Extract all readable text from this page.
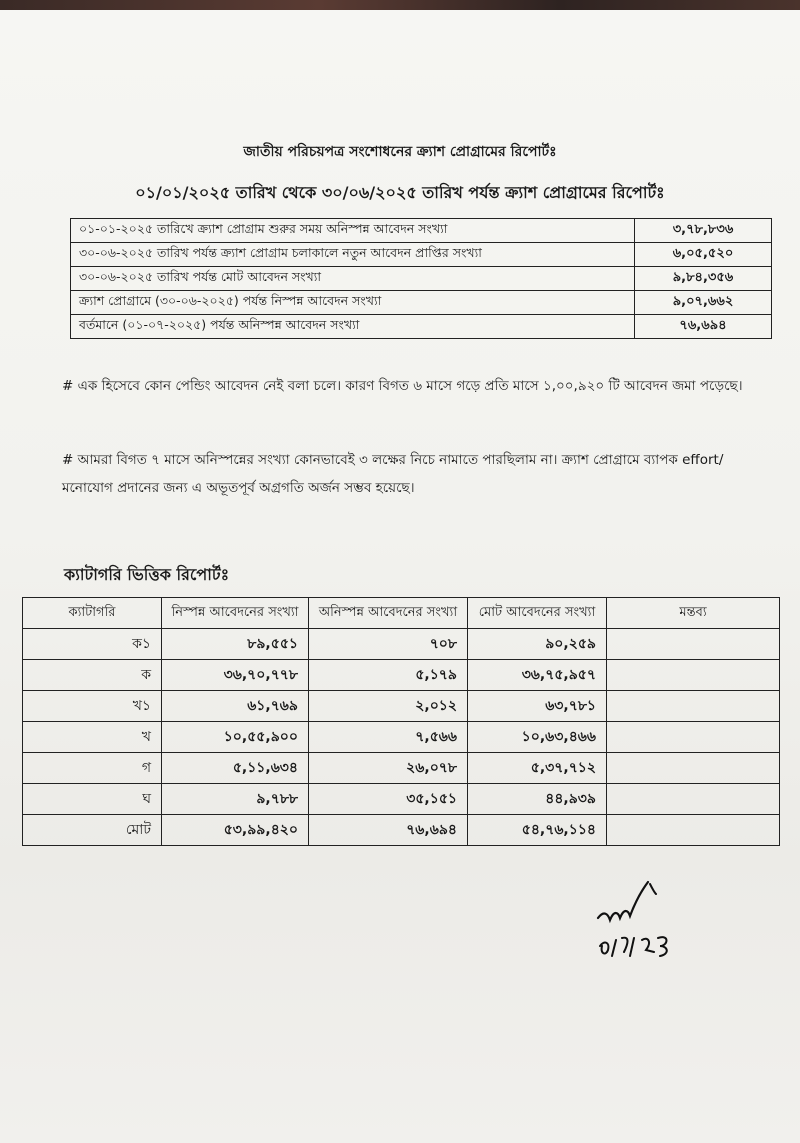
জাতীয় পরিচয়পত্র সংশোধনের ক্র্যাশ প্রোগ্রামের রিপোর্টঃ
০১/০১/২০২৫ তারিখ থেকে ৩০/০৬/২০২৫ তারিখ পর্যন্ত ক্র্যাশ প্রোগ্রামের রিপোর্টঃ
০১-০১-২০২৫ তারিখে ক্র্যাশ প্রোগ্রাম শুরুর সময় অনিস্পন্ন আবেদন সংখ্যা	৩,৭৮,৮৩৬
৩০-০৬-২০২৫ তারিখ পর্যন্ত ক্র্যাশ প্রোগ্রাম চলাকালে নতুন আবেদন প্রাপ্তির সংখ্যা	৬,০৫,৫২০
৩০-০৬-২০২৫ তারিখ পর্যন্ত মোট আবেদন সংখ্যা	৯,৮৪,৩৫৬
ক্র্যাশ প্রোগ্রামে (৩০-০৬-২০২৫) পর্যন্ত নিস্পন্ন আবেদন সংখ্যা	৯,০৭,৬৬২
বর্তমানে (০১-০৭-২০২৫) পর্যন্ত অনিস্পন্ন আবেদন সংখ্যা	৭৬,৬৯৪
# এক হিসেবে কোন পেন্ডিং আবেদন নেই বলা চলে। কারণ বিগত ৬ মাসে গড়ে প্রতি মাসে ১,০০,৯২০ টি আবেদন জমা পড়েছে।
# আমরা বিগত ৭ মাসে অনিস্পন্নের সংখ্যা কোনভাবেই ৩ লক্ষের নিচে নামাতে পারছিলাম না। ক্র্যাশ প্রোগ্রামে ব্যাপক effort/ মনোযোগ প্রদানের জন্য এ অভূতপূর্ব অগ্রগতি অর্জন সম্ভব হয়েছে।
ক্যাটাগরি ভিত্তিক রিপোর্টঃ
ক্যাটাগরি	নিস্পন্ন আবেদনের সংখ্যা	অনিস্পন্ন আবেদনের সংখ্যা	মোট আবেদনের সংখ্যা	মন্তব্য
ক১	৮৯,৫৫১	৭০৮	৯০,২৫৯	
ক	৩৬,৭০,৭৭৮	৫,১৭৯	৩৬,৭৫,৯৫৭	
খ১	৬১,৭৬৯	২,০১২	৬৩,৭৮১	
খ	১০,৫৫,৯০০	৭,৫৬৬	১০,৬৩,৪৬৬	
গ	৫,১১,৬৩৪	২৬,০৭৮	৫,৩৭,৭১২	
ঘ	৯,৭৮৮	৩৫,১৫১	৪৪,৯৩৯	
মোট	৫৩,৯৯,৪২০	৭৬,৬৯৪	৫৪,৭৬,১১৪	
